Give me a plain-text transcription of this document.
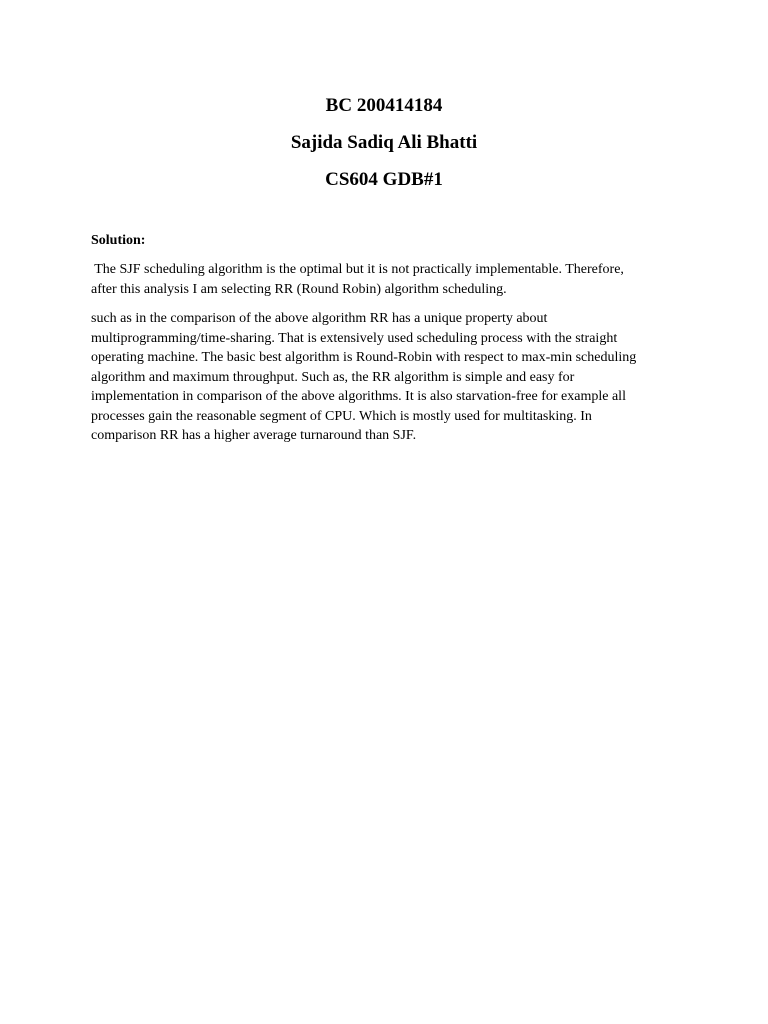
BC 200414184
Sajida Sadiq Ali Bhatti
CS604 GDB#1
Solution:

The SJF scheduling algorithm is the optimal but it is not practically implementable. Therefore,
after this analysis I am selecting RR (Round Robin) algorithm scheduling.

such as in the comparison of the above algorithm RR has a unique property about
multiprogramming/time-sharing. That is extensively used scheduling process with the straight
operating machine. The basic best algorithm is Round-Robin with respect to max-min scheduling
algorithm and maximum throughput. Such as, the RR algorithm is simple and easy for
implementation in comparison of the above algorithms. It is also starvation-free for example all
processes gain the reasonable segment of CPU. Which is mostly used for multitasking. In
comparison RR has a higher average turnaround than SJF.
